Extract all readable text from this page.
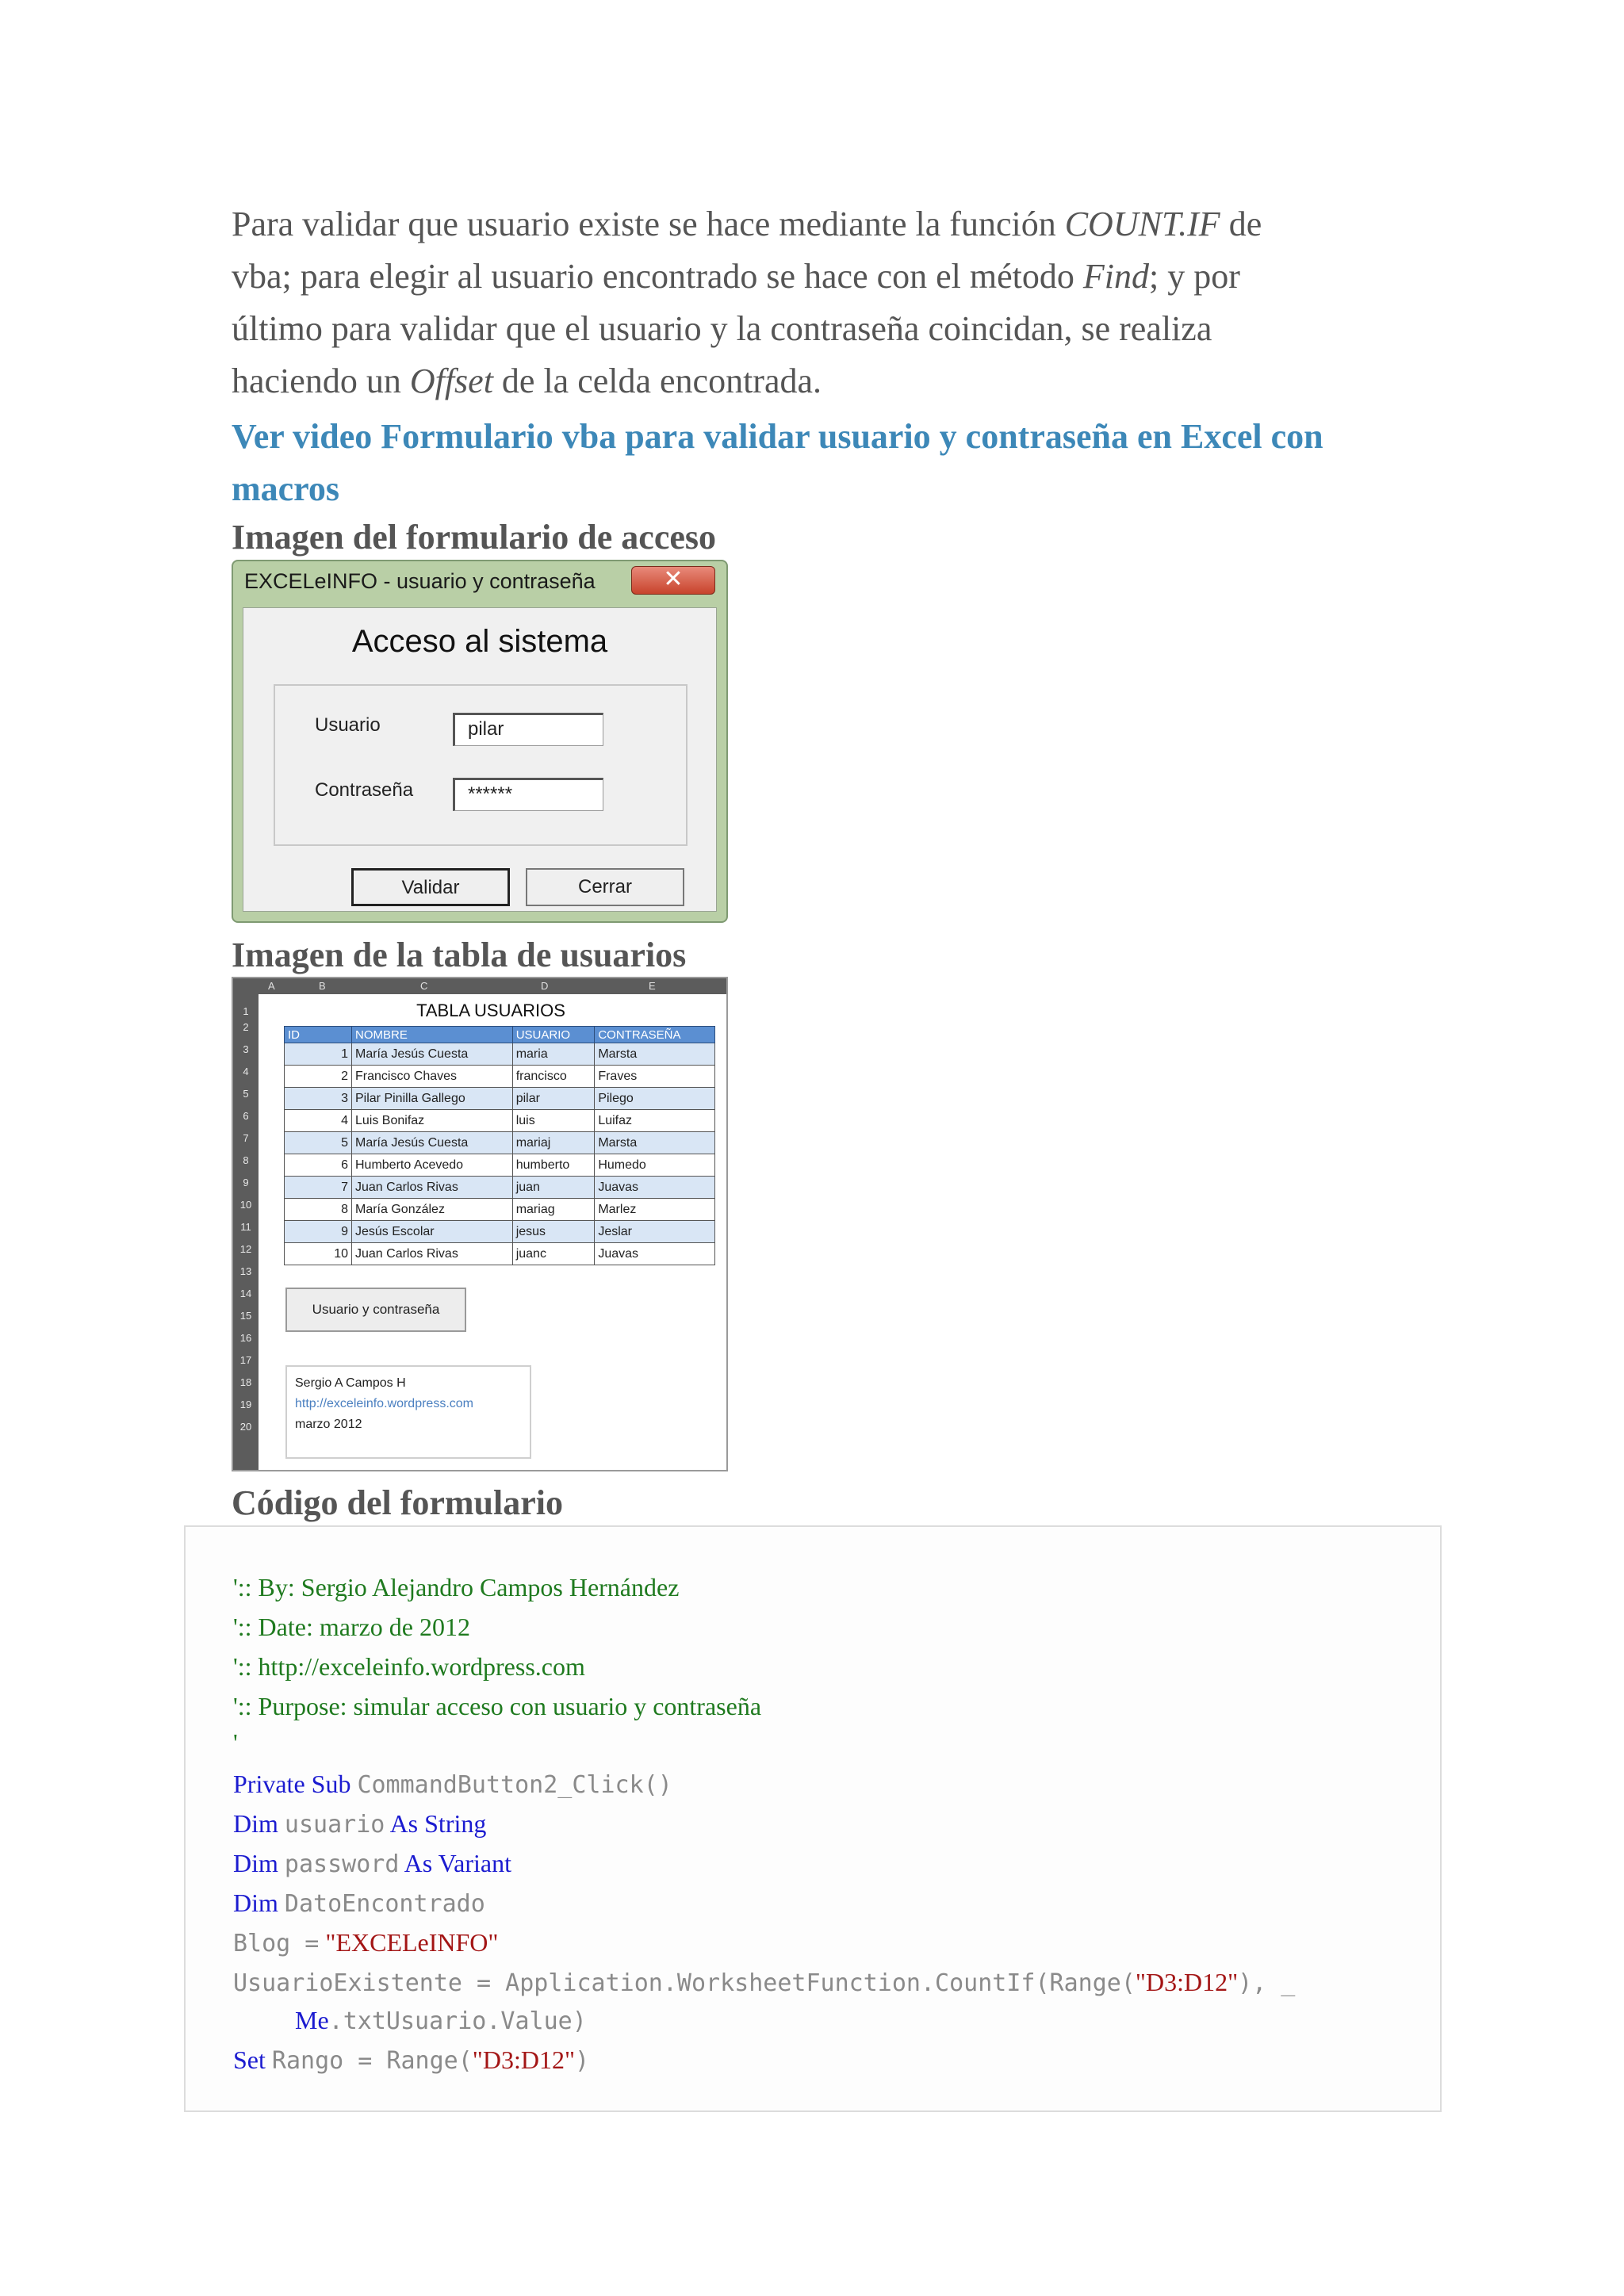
Para validar que usuario existe se hace mediante la función COUNT.IF de
vba; para elegir al usuario encontrado se hace con el método Find; y por
último para validar que el usuario y la contraseña coincidan, se realiza
haciendo un Offset de la celda encontrada.
Ver video Formulario vba para validar usuario y contraseña en Excel con
macros
Imagen del formulario de acceso
EXCELeINFO - usuario y contraseña	✕
Acceso al sistema
Usuario	pilar
Contraseña	******
Validar	Cerrar
Imagen de la tabla de usuarios
A	B	C	D	E
1
2
3
4
5
6
7
8
9
10
11
12
13
14
15
16
17
18
19
20
TABLA USUARIOS
ID	NOMBRE	USUARIO	CONTRASEÑA
1	María Jesús Cuesta	maria	Marsta
2	Francisco Chaves	francisco	Fraves
3	Pilar Pinilla Gallego	pilar	Pilego
4	Luis Bonifaz	luis	Luifaz
5	María Jesús Cuesta	mariaj	Marsta
6	Humberto Acevedo	humberto	Humedo
7	Juan Carlos Rivas	juan	Juavas
8	María González	mariag	Marlez
9	Jesús Escolar	jesus	Jeslar
10	Juan Carlos Rivas	juanc	Juavas
Usuario y contraseña
Sergio A Campos H
http://exceleinfo.wordpress.com
marzo 2012
Código del formulario
':: By: Sergio Alejandro Campos Hernández
':: Date: marzo de 2012
':: http://exceleinfo.wordpress.com
':: Purpose: simular acceso con usuario y contraseña
'
Private Sub CommandButton2_Click()
Dim usuario As String
Dim password As Variant
Dim DatoEncontrado
Blog = "EXCELeINFO"
UsuarioExistente = Application.WorksheetFunction.CountIf(Range("D3:D12"), _
Me.txtUsuario.Value)
Set Rango = Range("D3:D12")
